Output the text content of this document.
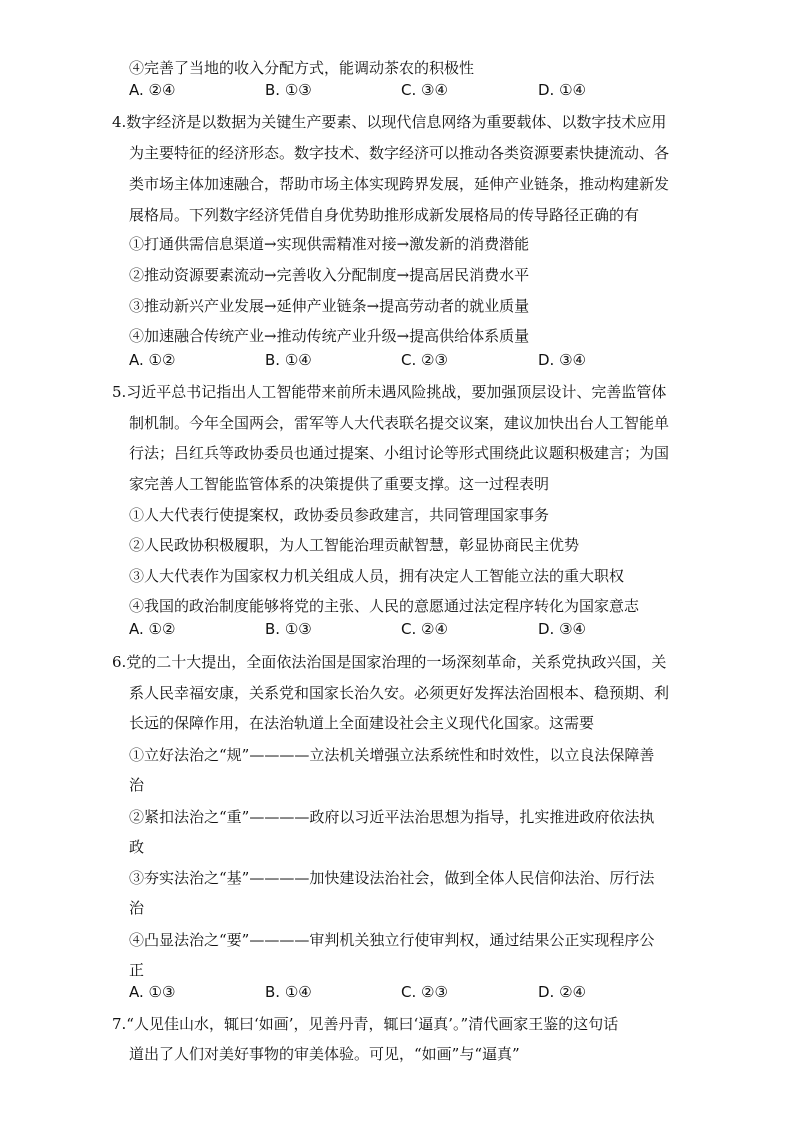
④完善了当地的收入分配方式，能调动茶农的积极性
A. ②④	B. ①③	C. ③④	D. ①④
4.数字经济是以数据为关键生产要素、以现代信息网络为重要载体、以数字技术应用
为主要特征的经济形态。数字技术、数字经济可以推动各类资源要素快捷流动、各
类市场主体加速融合，帮助市场主体实现跨界发展，延伸产业链条，推动构建新发
展格局。下列数字经济凭借自身优势助推形成新发展格局的传导路径正确的有
①打通供需信息渠道→实现供需精准对接→激发新的消费潜能
②推动资源要素流动→完善收入分配制度→提高居民消费水平
③推动新兴产业发展→延伸产业链条→提高劳动者的就业质量
④加速融合传统产业→推动传统产业升级→提高供给体系质量
A. ①②	B. ①④	C. ②③	D. ③④
5.习近平总书记指出人工智能带来前所未遇风险挑战，要加强顶层设计、完善监管体
制机制。今年全国两会，雷军等人大代表联名提交议案，建议加快出台人工智能单
行法；吕红兵等政协委员也通过提案、小组讨论等形式围绕此议题积极建言；为国
家完善人工智能监管体系的决策提供了重要支撑。这一过程表明
①人大代表行使提案权，政协委员参政建言，共同管理国家事务
②人民政协积极履职，为人工智能治理贡献智慧，彰显协商民主优势
③人大代表作为国家权力机关组成人员，拥有决定人工智能立法的重大职权
④我国的政治制度能够将党的主张、人民的意愿通过法定程序转化为国家意志
A. ①②	B. ①③	C. ②④	D. ③④
6.党的二十大提出，全面依法治国是国家治理的一场深刻革命，关系党执政兴国，关
系人民幸福安康，关系党和国家长治久安。必须更好发挥法治固根本、稳预期、利
长远的保障作用，在法治轨道上全面建设社会主义现代化国家。这需要
①立好法治之“规”————立法机关增强立法系统性和时效性，以立良法保障善
治
②紧扣法治之“重”————政府以习近平法治思想为指导，扎实推进政府依法执
政
③夯实法治之“基”————加快建设法治社会，做到全体人民信仰法治、厉行法
治
④凸显法治之“要”————审判机关独立行使审判权，通过结果公正实现程序公
正
A. ①③	B. ①④	C. ②③	D. ②④
7.“人见佳山水，辄曰‘如画’，见善丹青，辄曰‘逼真’。”清代画家王鉴的这句话
道出了人们对美好事物的审美体验。可见，“如画”与“逼真”
